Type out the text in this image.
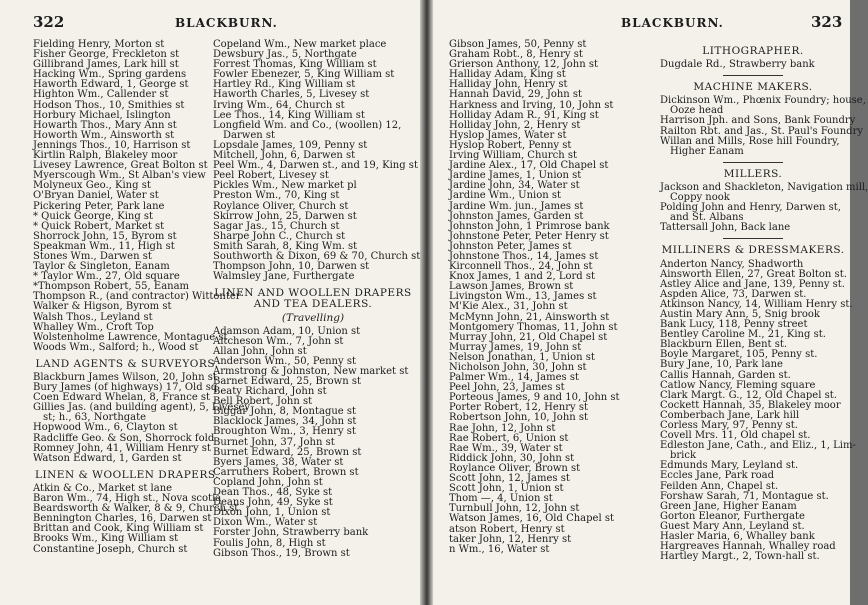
322	BLACKBURN.
Fielding Henry, Morton st
Fisher George, Freckleton st
Gillibrand James, Lark hill st
Hacking Wm., Spring gardens
Haworth Edward, 1, George st
Highton Wm., Callender st
Hodson Thos., 10, Smithies st
Horbury Michael, Islington
Howarth Thos., Mary Ann st
Howorth Wm., Ainsworth st
Jennings Thos., 10, Harrison st
Kirtlin Ralph, Blakeley moor
Livesey Lawrence, Great Bolton st
Myerscough Wm., St Alban's view
Molyneux Geo., King st
O'Bryan Daniel, Water st
Pickering Peter, Park lane
* Quick George, King st
* Quick Robert, Market st
Shorrock John, 15, Byrom st
Speakman Wm., 11, High st
Stones Wm., Darwen st
Taylor & Singleton, Eanam
* Taylor Wm., 27, Old square
*Thompson Robert, 55, Eanam
Thompson R., (and contractor) Wittonter
Walker & Higson, Byrom st
Walsh Thos., Leyland st
Whalley Wm., Croft Top
Wolstenholme Lawrence, Montague st
Woods Wm., Salford; h., Wood st
LAND AGENTS & SURVEYORS.
Blackburn James Wilson, 20, John st
Bury James (of highways) 17, Old sq
Coen Edward Whelan, 8, France st
Gillies Jas. (and building agent), 5, Livesey
st; h., 63, Northgate
Hopwood Wm., 6, Clayton st
Radcliffe Geo. & Son, Shorrock fold
Romney John, 41, William Henry st
Watson Edward, 1, Garden st
LINEN & WOOLLEN DRAPERS.
Atkin & Co., Market st lane
Baron Wm., 74, High st., Nova scotia
Beardsworth & Walker, 8 & 9, Church st
Bennington Charles, 16, Darwen st
Brittan and Cook, King William st
Brooks Wm., King William st
Constantine Joseph, Church st
Copeland Wm., New market place
Dewsbury Jas., 5, Northgate
Forrest Thomas, King William st
Fowler Ebenezer, 5, King William st
Hartley Rd., King William st
Haworth Charles, 5, Livesey st
Irving Wm., 64, Church st
Lee Thos., 14, King William st
Longfield Wm. and Co., (woollen) 12,
Darwen st
Lopsdale James, 109, Penny st
Mitchell, John, 6, Darwen st
Peel Wm., 4, Darwen st., and 19, King st
Peel Robert, Livesey st
Pickles Wm., New market pl
Preston Wm., 70, King st
Roylance Oliver, Church st
Skirrow John, 25, Darwen st
Sagar Jas., 15, Church st
Sharpe John C., Church st
Smith Sarah, 8, King Wm. st
Southworth & Dixon, 69 & 70, Church st
Thompson John, 10, Darwen st
Walmsley Jane, Furthergate
LINEN AND WOOLLEN DRAPERS
AND TEA DEALERS.
(Travelling)
Adamson Adam, 10, Union st
Aitcheson Wm., 7, John st
Allan John, John st
Anderson Wm., 50, Penny st
Armstrong & Johnston, New market st
Barnet Edward, 25, Brown st
Beaty Richard, John st
Bell Robert, John st
Biggar John, 8, Montague st
Blacklock James, 34, John st
Broughton Wm., 3, Henry st
Burnet John, 37, John st
Burnet Edward, 25, Brown st
Byers James, 38, Water st
Carruthers Robert, Brown st
Copland John, John st
Dean Thos., 48, Syke st
Deans John, 49, Syke st
Dixon John, 1, Union st
Dixon Wm., Water st
Forster John, Strawberry bank
Foulis John, 8, High st
Gibson Thos., 19, Brown st
BLACKBURN.	323
Gibson James, 50, Penny st
Graham Robt., 8, Henry st
Grierson Anthony, 12, John st
Halliday Adam, King st
Halliday John, Henry st
Hannah David, 29, John st
Harkness and Irving, 10, John st
Holliday Adam R., 91, King st
Holliday John, 2, Henry st
Hyslop James, Water st
Hyslop Robert, Penny st
Irving William, Church st
Jardine Alex., 17, Old Chapel st
Jardine James, 1, Union st
Jardine John, 34, Water st
Jardine Wm., Union st
Jardine Wm. jun., James st
Johnston James, Garden st
Johnston John, 1 Primrose bank
Johnstone Peter, Peter Henry st
Johnston Peter, James st
Johnstone Thos., 14, James st
Kirconnell Thos., 24, John st
Knox James, 1 and 2, Lord st
Lawson James, Brown st
Livingston Wm., 13, James st
M'Kie Alex., 31, John st
McMynn John, 21, Ainsworth st
Montgomery Thomas, 11, John st
Murray John, 21, Old Chapel st
Murray James, 19, John st
Nelson Jonathan, 1, Union st
Nicholson John, 30, John st
Palmer Wm., 14, James st
Peel John, 23, James st
Porteous James, 9 and 10, John st
Porter Robert, 12, Henry st
Robertson John, 10, John st
Rae John, 12, John st
Rae Robert, 6, Union st
Rae Wm., 39, Water st
Riddick John, 30, John st
Roylance Oliver, Brown st
Scott John, 12, James st
Scott John, 1, Union st
Thom —, 4, Union st
Turnbull John, 12, John st
Watson James, 16, Old Chapel st
atson Robert, Henry st
taker John, 12, Henry st
n Wm., 16, Water st
LITHOGRAPHER.
Dugdale Rd., Strawberry bank
MACHINE MAKERS.
Dickinson Wm., Phœnix Foundry; house,
Ooze head
Harrison Jph. and Sons, Bank Foundry
Railton Rbt. and Jas., St. Paul's Foundry
Willan and Mills, Rose hill Foundry,
Higher Eanam
MILLERS.
Jackson and Shackleton, Navigation mill,
Coppy nook
Polding John and Henry, Darwen st,
and St. Albans
Tattersall John, Back lane
MILLINERS & DRESSMAKERS.
Anderton Nancy, Shadworth
Ainsworth Ellen, 27, Great Bolton st.
Astley Alice and Jane, 139, Penny st.
Aspden Alice, 73, Darwen st.
Atkinson Nancy, 14, William Henry st.
Austin Mary Ann, 5, Snig brook
Bank Lucy, 118, Penny street
Bentley Caroline M., 21, King st.
Blackburn Ellen, Bent st.
Boyle Margaret, 105, Penny st.
Bury Jane, 10, Park lane
Callis Hannah, Garden st.
Catlow Nancy, Fleming square
Clark Margt. G., 12, Old Chapel st.
Cockett Hannah, 35, Blakeley moor
Comberbach Jane, Lark hill
Corless Mary, 97, Penny st.
Covell Mrs. 11, Old chapel st.
Edleston Jane, Cath., and Eliz., 1, Lim-
brick
Edmunds Mary, Leyland st.
Eccles Jane, Park road
Feilden Ann, Chapel st.
Forshaw Sarah, 71, Montague st.
Green Jane, Higher Eanam
Gorton Eleanor, Furthergate
Guest Mary Ann, Leyland st.
Hasler Maria, 6, Whalley bank
Hargreaves Hannah, Whalley road
Hartley Margt., 2, Town-hall st.
